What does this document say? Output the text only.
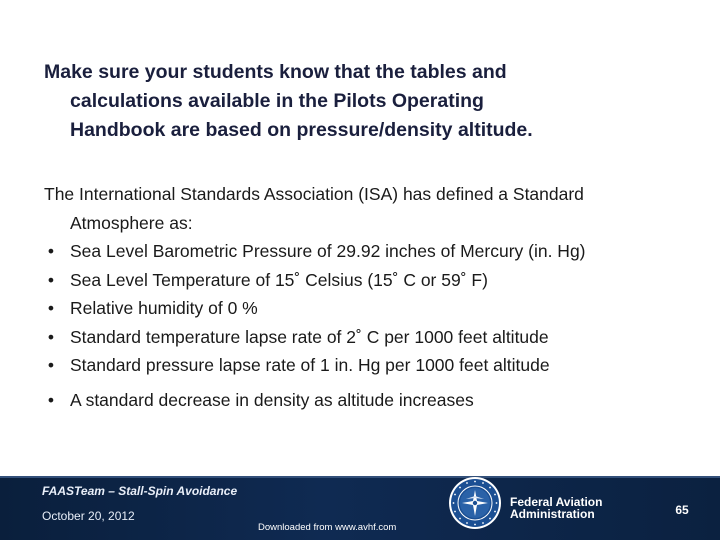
Make sure your students know that the tables and
calculations available in the Pilots Operating
Handbook are based on pressure/density altitude.
The International Standards Association (ISA) has defined a Standard
Atmosphere as:
• Sea Level Barometric Pressure of 29.92 inches of Mercury (in. Hg)
• Sea Level Temperature of 15˚ Celsius (15˚ C or 59˚ F)
• Relative humidity of 0 %
• Standard temperature lapse rate of 2˚ C per 1000 feet altitude
• Standard pressure lapse rate of 1 in. Hg per 1000 feet altitude
• A standard decrease in density as altitude increases
FAASTeam – Stall-Spin Avoidance
October 20, 2012
Downloaded from www.avhf.com
Federal Aviation
Administration	65
